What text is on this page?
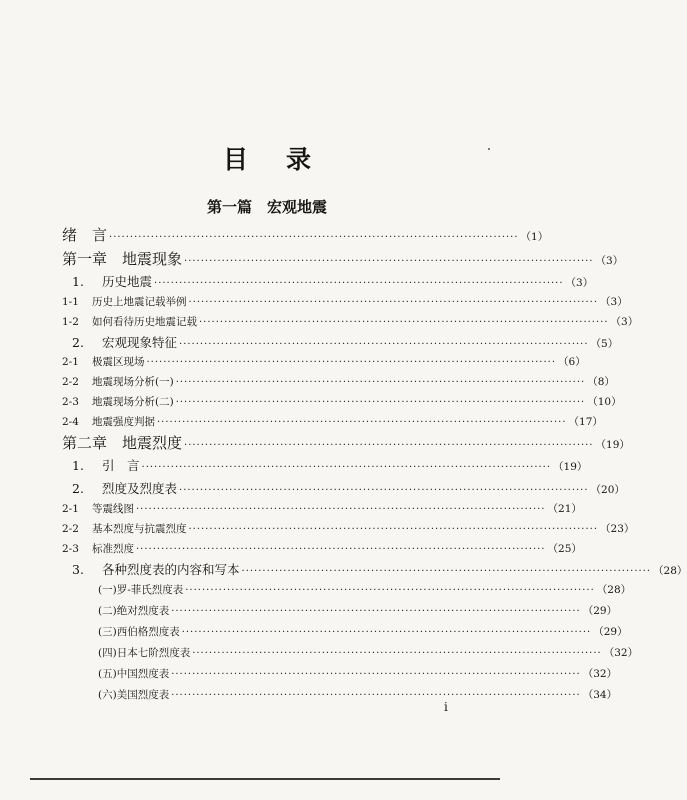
目 录
第一篇　宏观地震
绪　言 ·································································································· （1）
第一章　地震现象 ·································································································· （3）
1. 历史地震 ·································································································· （3）
1-1 历史上地震记载举例 ·································································································· （3）
1-2 如何看待历史地震记载 ·································································································· （3）
2. 宏观现象特征 ·································································································· （5）
2-1 极震区现场 ·································································································· （6）
2-2 地震现场分析(一) ·································································································· （8）
2-3 地震现场分析(二) ·································································································· （10）
2-4 地震强度判据 ·································································································· （17）
第二章　地震烈度 ·································································································· （19）
1. 引　言 ·································································································· （19）
2. 烈度及烈度表 ·································································································· （20）
2-1 等震线图 ·································································································· （21）
2-2 基本烈度与抗震烈度 ·································································································· （23）
2-3 标准烈度 ·································································································· （25）
3. 各种烈度表的内容和写本 ·································································································· （28）
(一)罗-菲氏烈度表 ·································································································· （28）
(二)绝对烈度表 ·································································································· （29）
(三)西伯格烈度表 ·································································································· （29）
(四)日本七阶烈度表 ·································································································· （32）
(五)中国烈度表 ·································································································· （32）
(六)美国烈度表 ·································································································· （34）
i
